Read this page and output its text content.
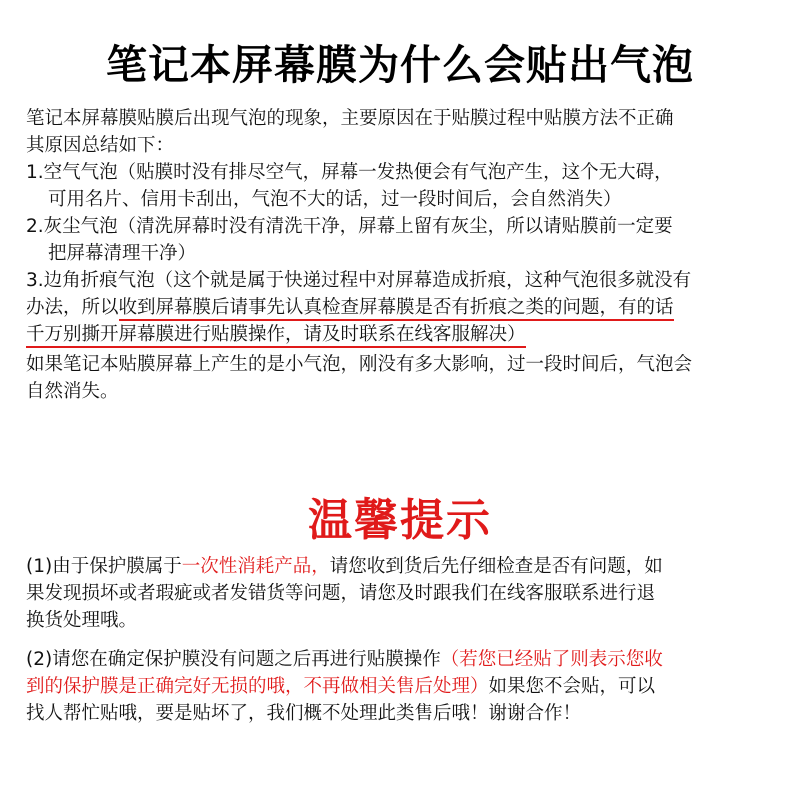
笔记本屏幕膜为什么会贴出气泡
笔记本屏幕膜贴膜后出现气泡的现象，主要原因在于贴膜过程中贴膜方法不正确
其原因总结如下：
1.空气气泡（贴膜时没有排尽空气，屏幕一发热便会有气泡产生，这个无大碍，
可用名片、信用卡刮出，气泡不大的话，过一段时间后，会自然消失）
2.灰尘气泡（清洗屏幕时没有清洗干净，屏幕上留有灰尘，所以请贴膜前一定要
把屏幕清理干净）
3.边角折痕气泡（这个就是属于快递过程中对屏幕造成折痕，这种气泡很多就没有
办法，所以收到屏幕膜后请事先认真检查屏幕膜是否有折痕之类的问题，有的话
千万别撕开屏幕膜进行贴膜操作，请及时联系在线客服解决）
如果笔记本贴膜屏幕上产生的是小气泡，刚没有多大影响，过一段时间后，气泡会
自然消失。
温馨提示
(1)由于保护膜属于一次性消耗产品，请您收到货后先仔细检查是否有问题，如
果发现损坏或者瑕疵或者发错货等问题，请您及时跟我们在线客服联系进行退
换货处理哦。
(2)请您在确定保护膜没有问题之后再进行贴膜操作（若您已经贴了则表示您收
到的保护膜是正确完好无损的哦，不再做相关售后处理）如果您不会贴，可以
找人帮忙贴哦，要是贴坏了，我们概不处理此类售后哦！谢谢合作！
